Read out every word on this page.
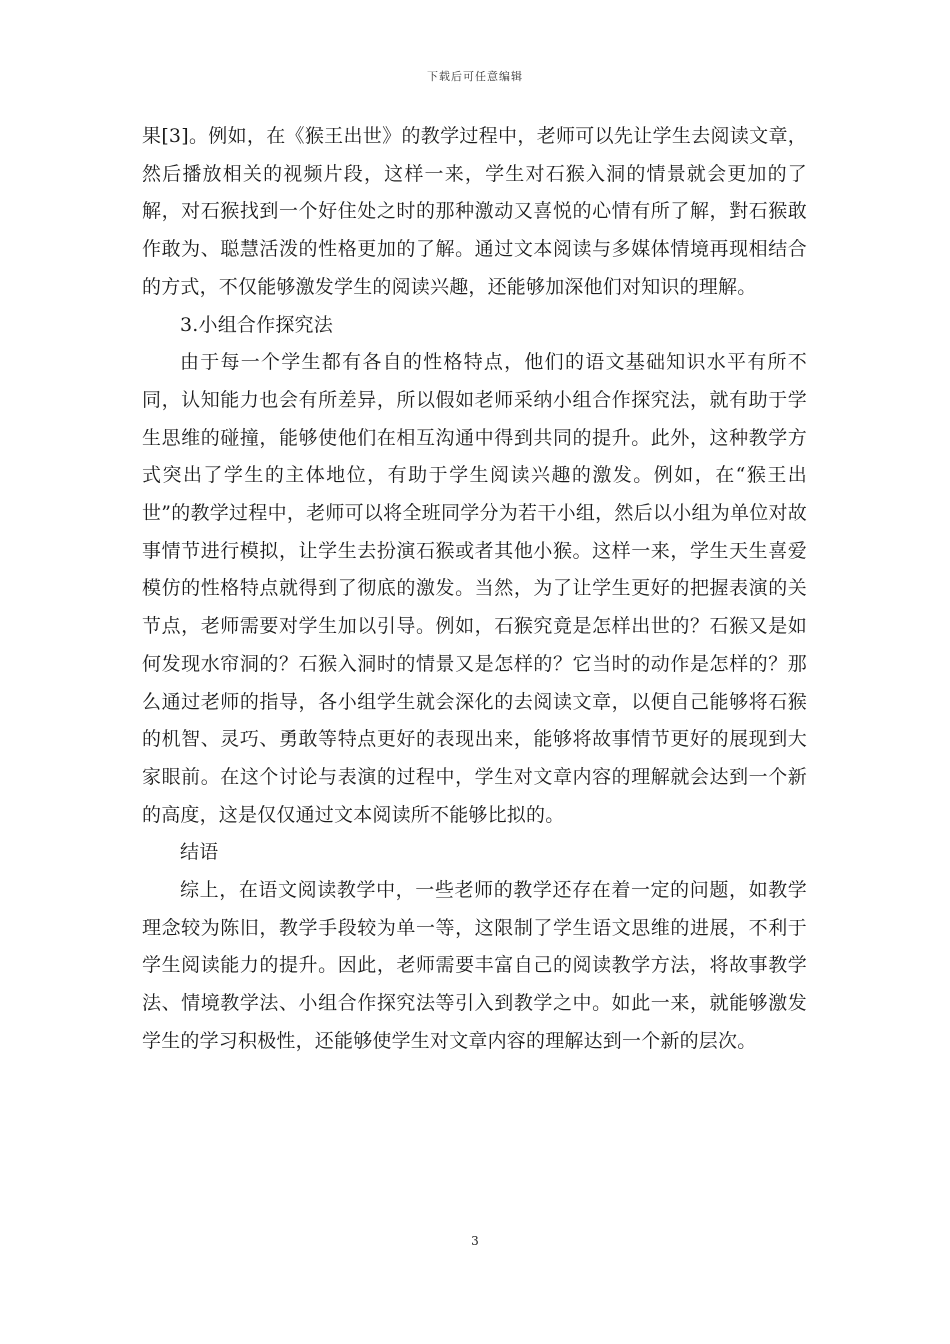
下载后可任意编辑

果[3]。例如，在《猴王出世》的教学过程中，老师可以先让学生去阅读文章，然后播放相关的视频片段，这样一来，学生对石猴入洞的情景就会更加的了解，对石猴找到一个好住处之时的那种激动又喜悦的心情有所了解，對石猴敢作敢为、聪慧活泼的性格更加的了解。通过文本阅读与多媒体情境再现相结合的方式，不仅能够激发学生的阅读兴趣，还能够加深他们对知识的理解。

3.小组合作探究法

由于每一个学生都有各自的性格特点，他们的语文基础知识水平有所不同，认知能力也会有所差异，所以假如老师采纳小组合作探究法，就有助于学生思维的碰撞，能够使他们在相互沟通中得到共同的提升。此外，这种教学方式突出了学生的主体地位，有助于学生阅读兴趣的激发。例如，在“猴王出世”的教学过程中，老师可以将全班同学分为若干小组，然后以小组为单位对故事情节进行模拟，让学生去扮演石猴或者其他小猴。这样一来，学生天生喜爱模仿的性格特点就得到了彻底的激发。当然，为了让学生更好的把握表演的关节点，老师需要对学生加以引导。例如，石猴究竟是怎样出世的？石猴又是如何发现水帘洞的？石猴入洞时的情景又是怎样的？它当时的动作是怎样的？那么通过老师的指导，各小组学生就会深化的去阅读文章，以便自己能够将石猴的机智、灵巧、勇敢等特点更好的表现出来，能够将故事情节更好的展现到大家眼前。在这个讨论与表演的过程中，学生对文章内容的理解就会达到一个新的高度，这是仅仅通过文本阅读所不能够比拟的。

结语

综上，在语文阅读教学中，一些老师的教学还存在着一定的问题，如教学理念较为陈旧，教学手段较为单一等，这限制了学生语文思维的进展，不利于学生阅读能力的提升。因此，老师需要丰富自己的阅读教学方法，将故事教学法、情境教学法、小组合作探究法等引入到教学之中。如此一来，就能够激发学生的学习积极性，还能够使学生对文章内容的理解达到一个新的层次。

3
